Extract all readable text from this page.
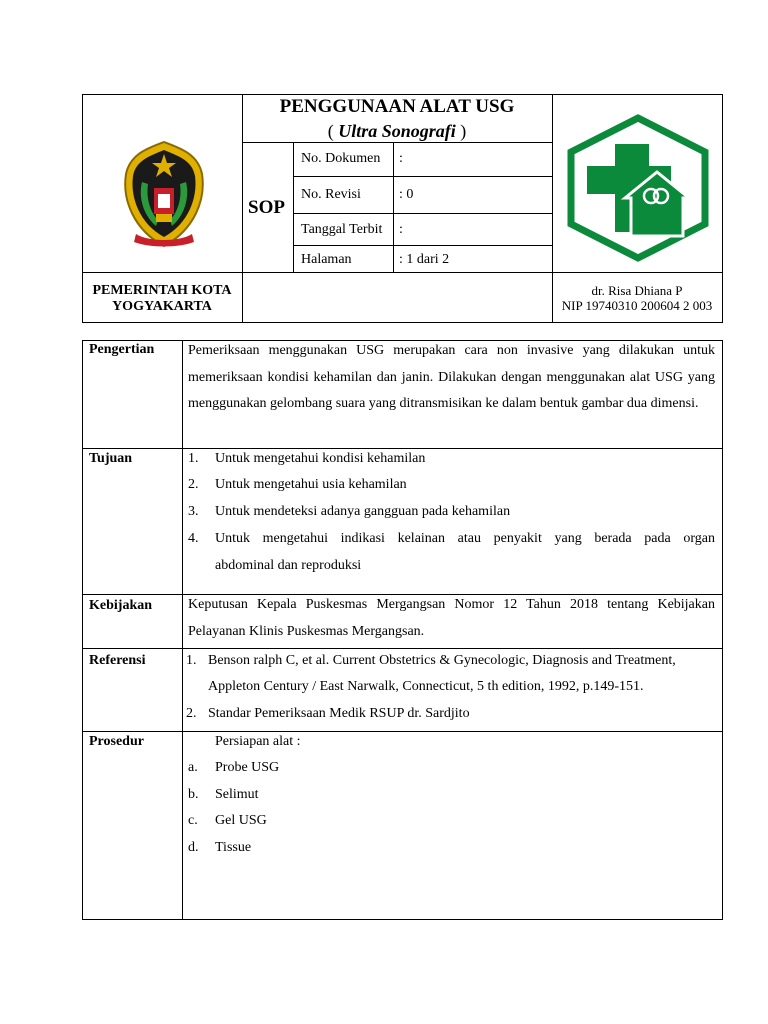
PENGGUNAAN ALAT USG
( Ultra Sonografi )
SOP
No. Dokumen :
No. Revisi	: 0
Tanggal Terbit :
Halaman	: 1 dari 2
PEMERINTAH KOTA
YOGYAKARTA
dr. Risa Dhiana P
NIP 19740310 200604 2 003
Pengertian Pemeriksaan menggunakan USG merupakan cara non invasive yang dilakukan untuk memeriksaan kondisi kehamilan dan janin. Dilakukan dengan menggunakan alat USG yang menggunakan gelombang suara yang ditransmisikan ke dalam bentuk gambar dua dimensi.
Tujuan	1. Untuk mengetahui kondisi kehamilan
2. Untuk mengetahui usia kehamilan
3. Untuk mendeteksi adanya gangguan pada kehamilan
4. Untuk mengetahui indikasi kelainan atau penyakit yang berada pada organ
abdominal dan reproduksi
Kebijakan	Keputusan Kepala Puskesmas Mergangsan Nomor 12 Tahun 2018 tentang Kebijakan Pelayanan Klinis Puskesmas Mergangsan.
Referensi	1. Benson ralph C, et al. Current Obstetrics & Gynecologic, Diagnosis and Treatment,
Appleton Century / East Narwalk, Connecticut, 5 th edition, 1992, p.149-151.
2. Standar Pemeriksaan Medik RSUP dr. Sardjito
Prosedur	Persiapan alat :
a. Probe USG
b. Selimut
c. Gel USG
d. Tissue
